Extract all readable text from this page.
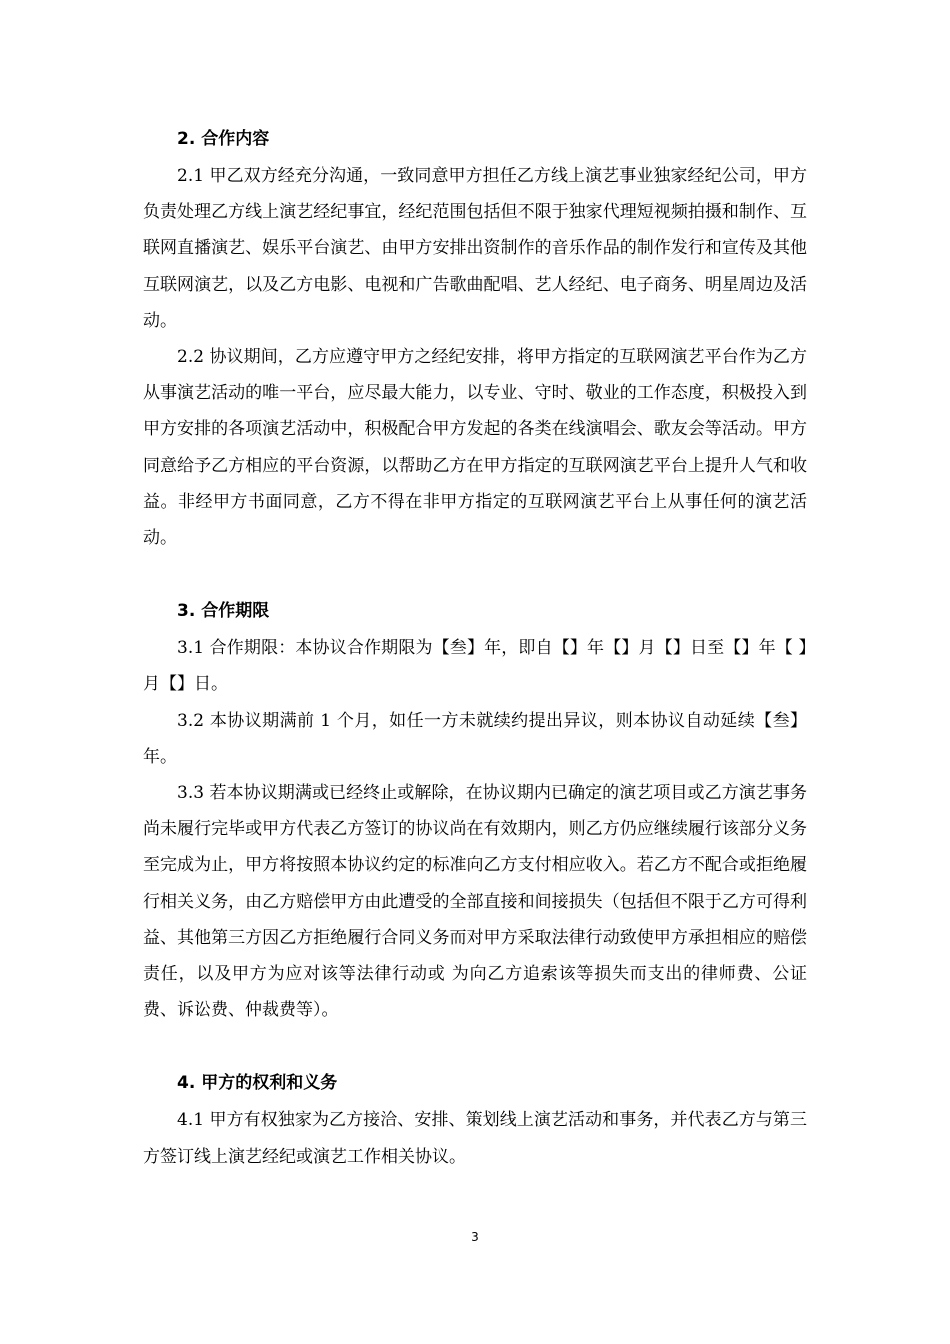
2. 合作内容

2.1 甲乙双方经充分沟通，一致同意甲方担任乙方线上演艺事业独家经纪公司，甲方负责处理乙方线上演艺经纪事宜，经纪范围包括但不限于独家代理短视频拍摄和制作、互联网直播演艺、娱乐平台演艺、由甲方安排出资制作的音乐作品的制作发行和宣传及其他互联网演艺，以及乙方电影、电视和广告歌曲配唱、艺人经纪、电子商务、明星周边及活动。

2.2 协议期间，乙方应遵守甲方之经纪安排，将甲方指定的互联网演艺平台作为乙方从事演艺活动的唯一平台，应尽最大能力，以专业、守时、敬业的工作态度，积极投入到甲方安排的各项演艺活动中，积极配合甲方发起的各类在线演唱会、歌友会等活动。甲方同意给予乙方相应的平台资源，以帮助乙方在甲方指定的互联网演艺平台上提升人气和收益。非经甲方书面同意，乙方不得在非甲方指定的互联网演艺平台上从事任何的演艺活动。

3. 合作期限

3.1 合作期限：本协议合作期限为【叁】年，即自【】年【】月【】日至【】年【 】月【】日。

3.2 本协议期满前 1 个月，如任一方未就续约提出异议，则本协议自动延续【叁】年。

3.3 若本协议期满或已经终止或解除，在协议期内已确定的演艺项目或乙方演艺事务尚未履行完毕或甲方代表乙方签订的协议尚在有效期内，则乙方仍应继续履行该部分义务至完成为止，甲方将按照本协议约定的标准向乙方支付相应收入。若乙方不配合或拒绝履行相关义务，由乙方赔偿甲方由此遭受的全部直接和间接损失（包括但不限于乙方可得利益、其他第三方因乙方拒绝履行合同义务而对甲方采取法律行动致使甲方承担相应的赔偿责任，以及甲方为应对该等法律行动或 为向乙方追索该等损失而支出的律师费、公证费、诉讼费、仲裁费等）。

4. 甲方的权利和义务

4.1 甲方有权独家为乙方接洽、安排、策划线上演艺活动和事务，并代表乙方与第三方签订线上演艺经纪或演艺工作相关协议。

3
